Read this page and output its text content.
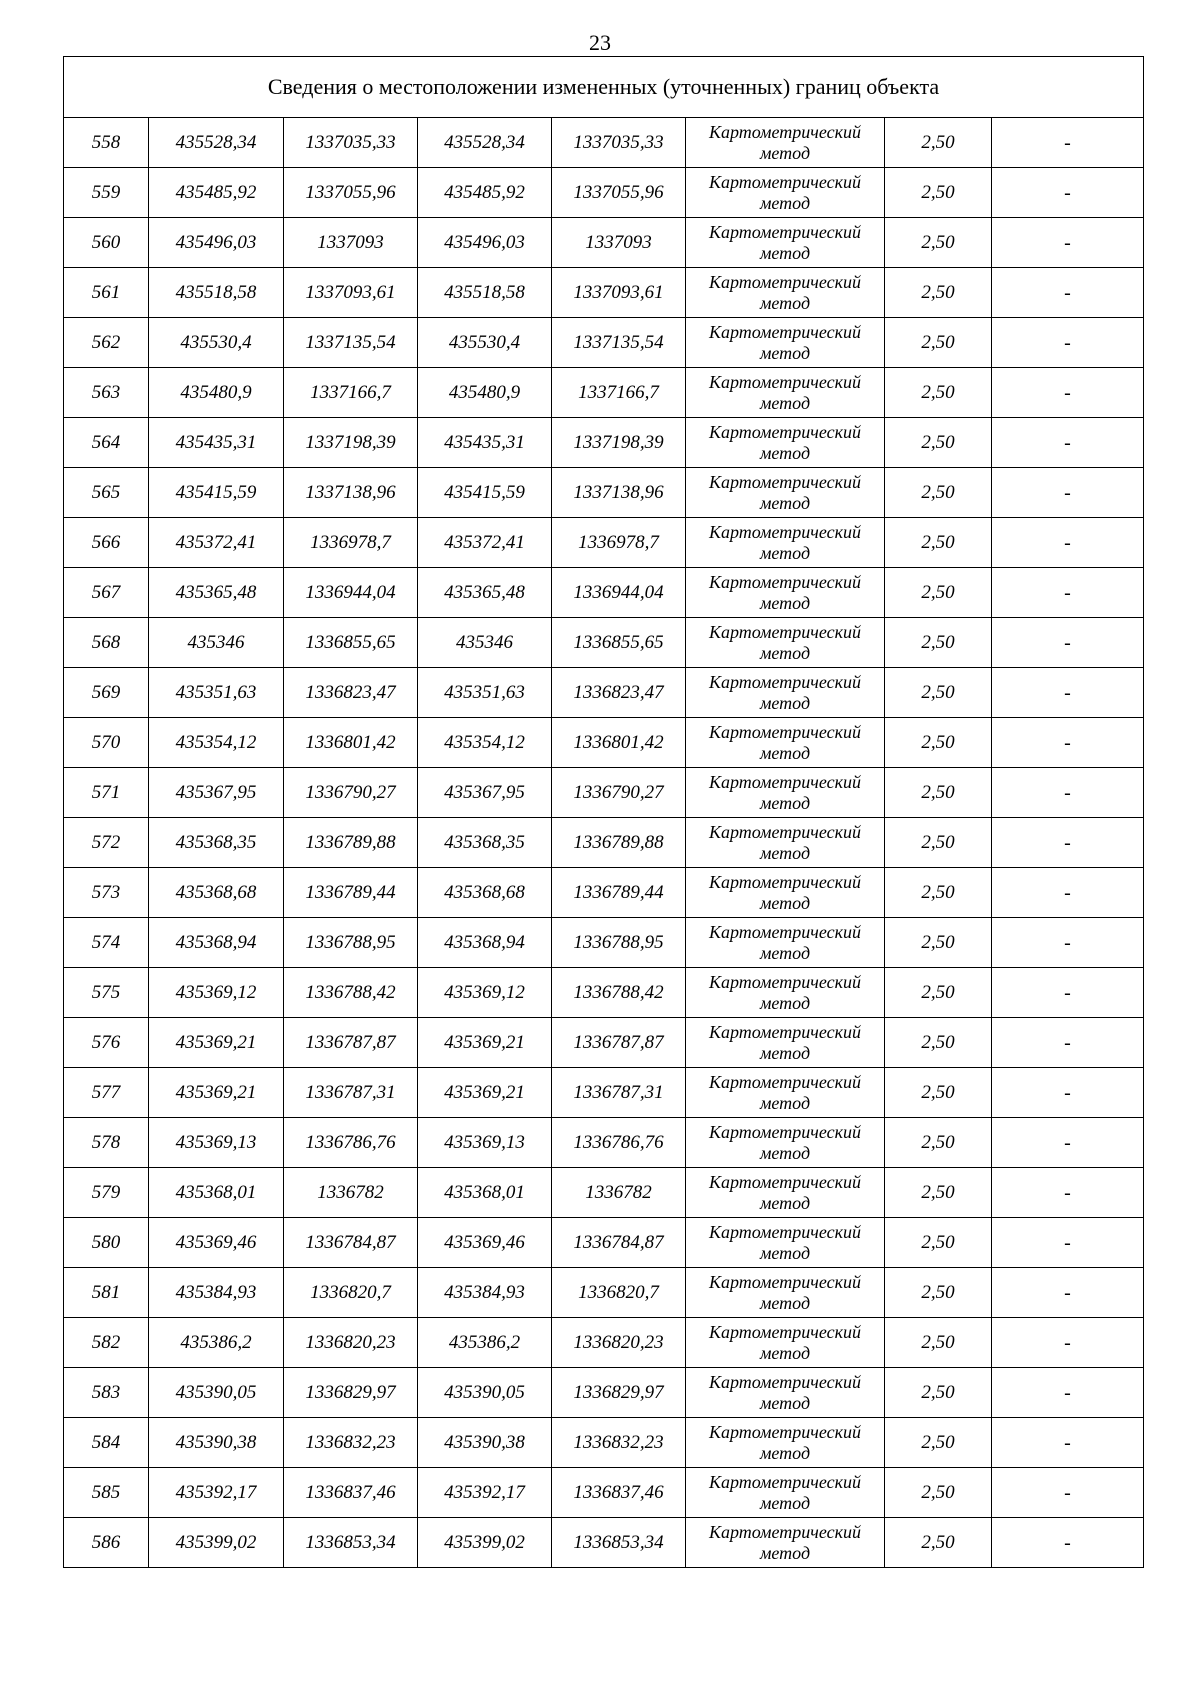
23
Сведения о местоположении измененных (уточненных) границ объекта							
558	435528,34	1337035,33	435528,34	1337035,33	Картометрический метод	2,50	-
559	435485,92	1337055,96	435485,92	1337055,96	Картометрический метод	2,50	-
560	435496,03	1337093	435496,03	1337093	Картометрический метод	2,50	-
561	435518,58	1337093,61	435518,58	1337093,61	Картометрический метод	2,50	-
562	435530,4	1337135,54	435530,4	1337135,54	Картометрический метод	2,50	-
563	435480,9	1337166,7	435480,9	1337166,7	Картометрический метод	2,50	-
564	435435,31	1337198,39	435435,31	1337198,39	Картометрический метод	2,50	-
565	435415,59	1337138,96	435415,59	1337138,96	Картометрический метод	2,50	-
566	435372,41	1336978,7	435372,41	1336978,7	Картометрический метод	2,50	-
567	435365,48	1336944,04	435365,48	1336944,04	Картометрический метод	2,50	-
568	435346	1336855,65	435346	1336855,65	Картометрический метод	2,50	-
569	435351,63	1336823,47	435351,63	1336823,47	Картометрический метод	2,50	-
570	435354,12	1336801,42	435354,12	1336801,42	Картометрический метод	2,50	-
571	435367,95	1336790,27	435367,95	1336790,27	Картометрический метод	2,50	-
572	435368,35	1336789,88	435368,35	1336789,88	Картометрический метод	2,50	-
573	435368,68	1336789,44	435368,68	1336789,44	Картометрический метод	2,50	-
574	435368,94	1336788,95	435368,94	1336788,95	Картометрический метод	2,50	-
575	435369,12	1336788,42	435369,12	1336788,42	Картометрический метод	2,50	-
576	435369,21	1336787,87	435369,21	1336787,87	Картометрический метод	2,50	-
577	435369,21	1336787,31	435369,21	1336787,31	Картометрический метод	2,50	-
578	435369,13	1336786,76	435369,13	1336786,76	Картометрический метод	2,50	-
579	435368,01	1336782	435368,01	1336782	Картометрический метод	2,50	-
580	435369,46	1336784,87	435369,46	1336784,87	Картометрический метод	2,50	-
581	435384,93	1336820,7	435384,93	1336820,7	Картометрический метод	2,50	-
582	435386,2	1336820,23	435386,2	1336820,23	Картометрический метод	2,50	-
583	435390,05	1336829,97	435390,05	1336829,97	Картометрический метод	2,50	-
584	435390,38	1336832,23	435390,38	1336832,23	Картометрический метод	2,50	-
585	435392,17	1336837,46	435392,17	1336837,46	Картометрический метод	2,50	-
586	435399,02	1336853,34	435399,02	1336853,34	Картометрический метод	2,50	-
